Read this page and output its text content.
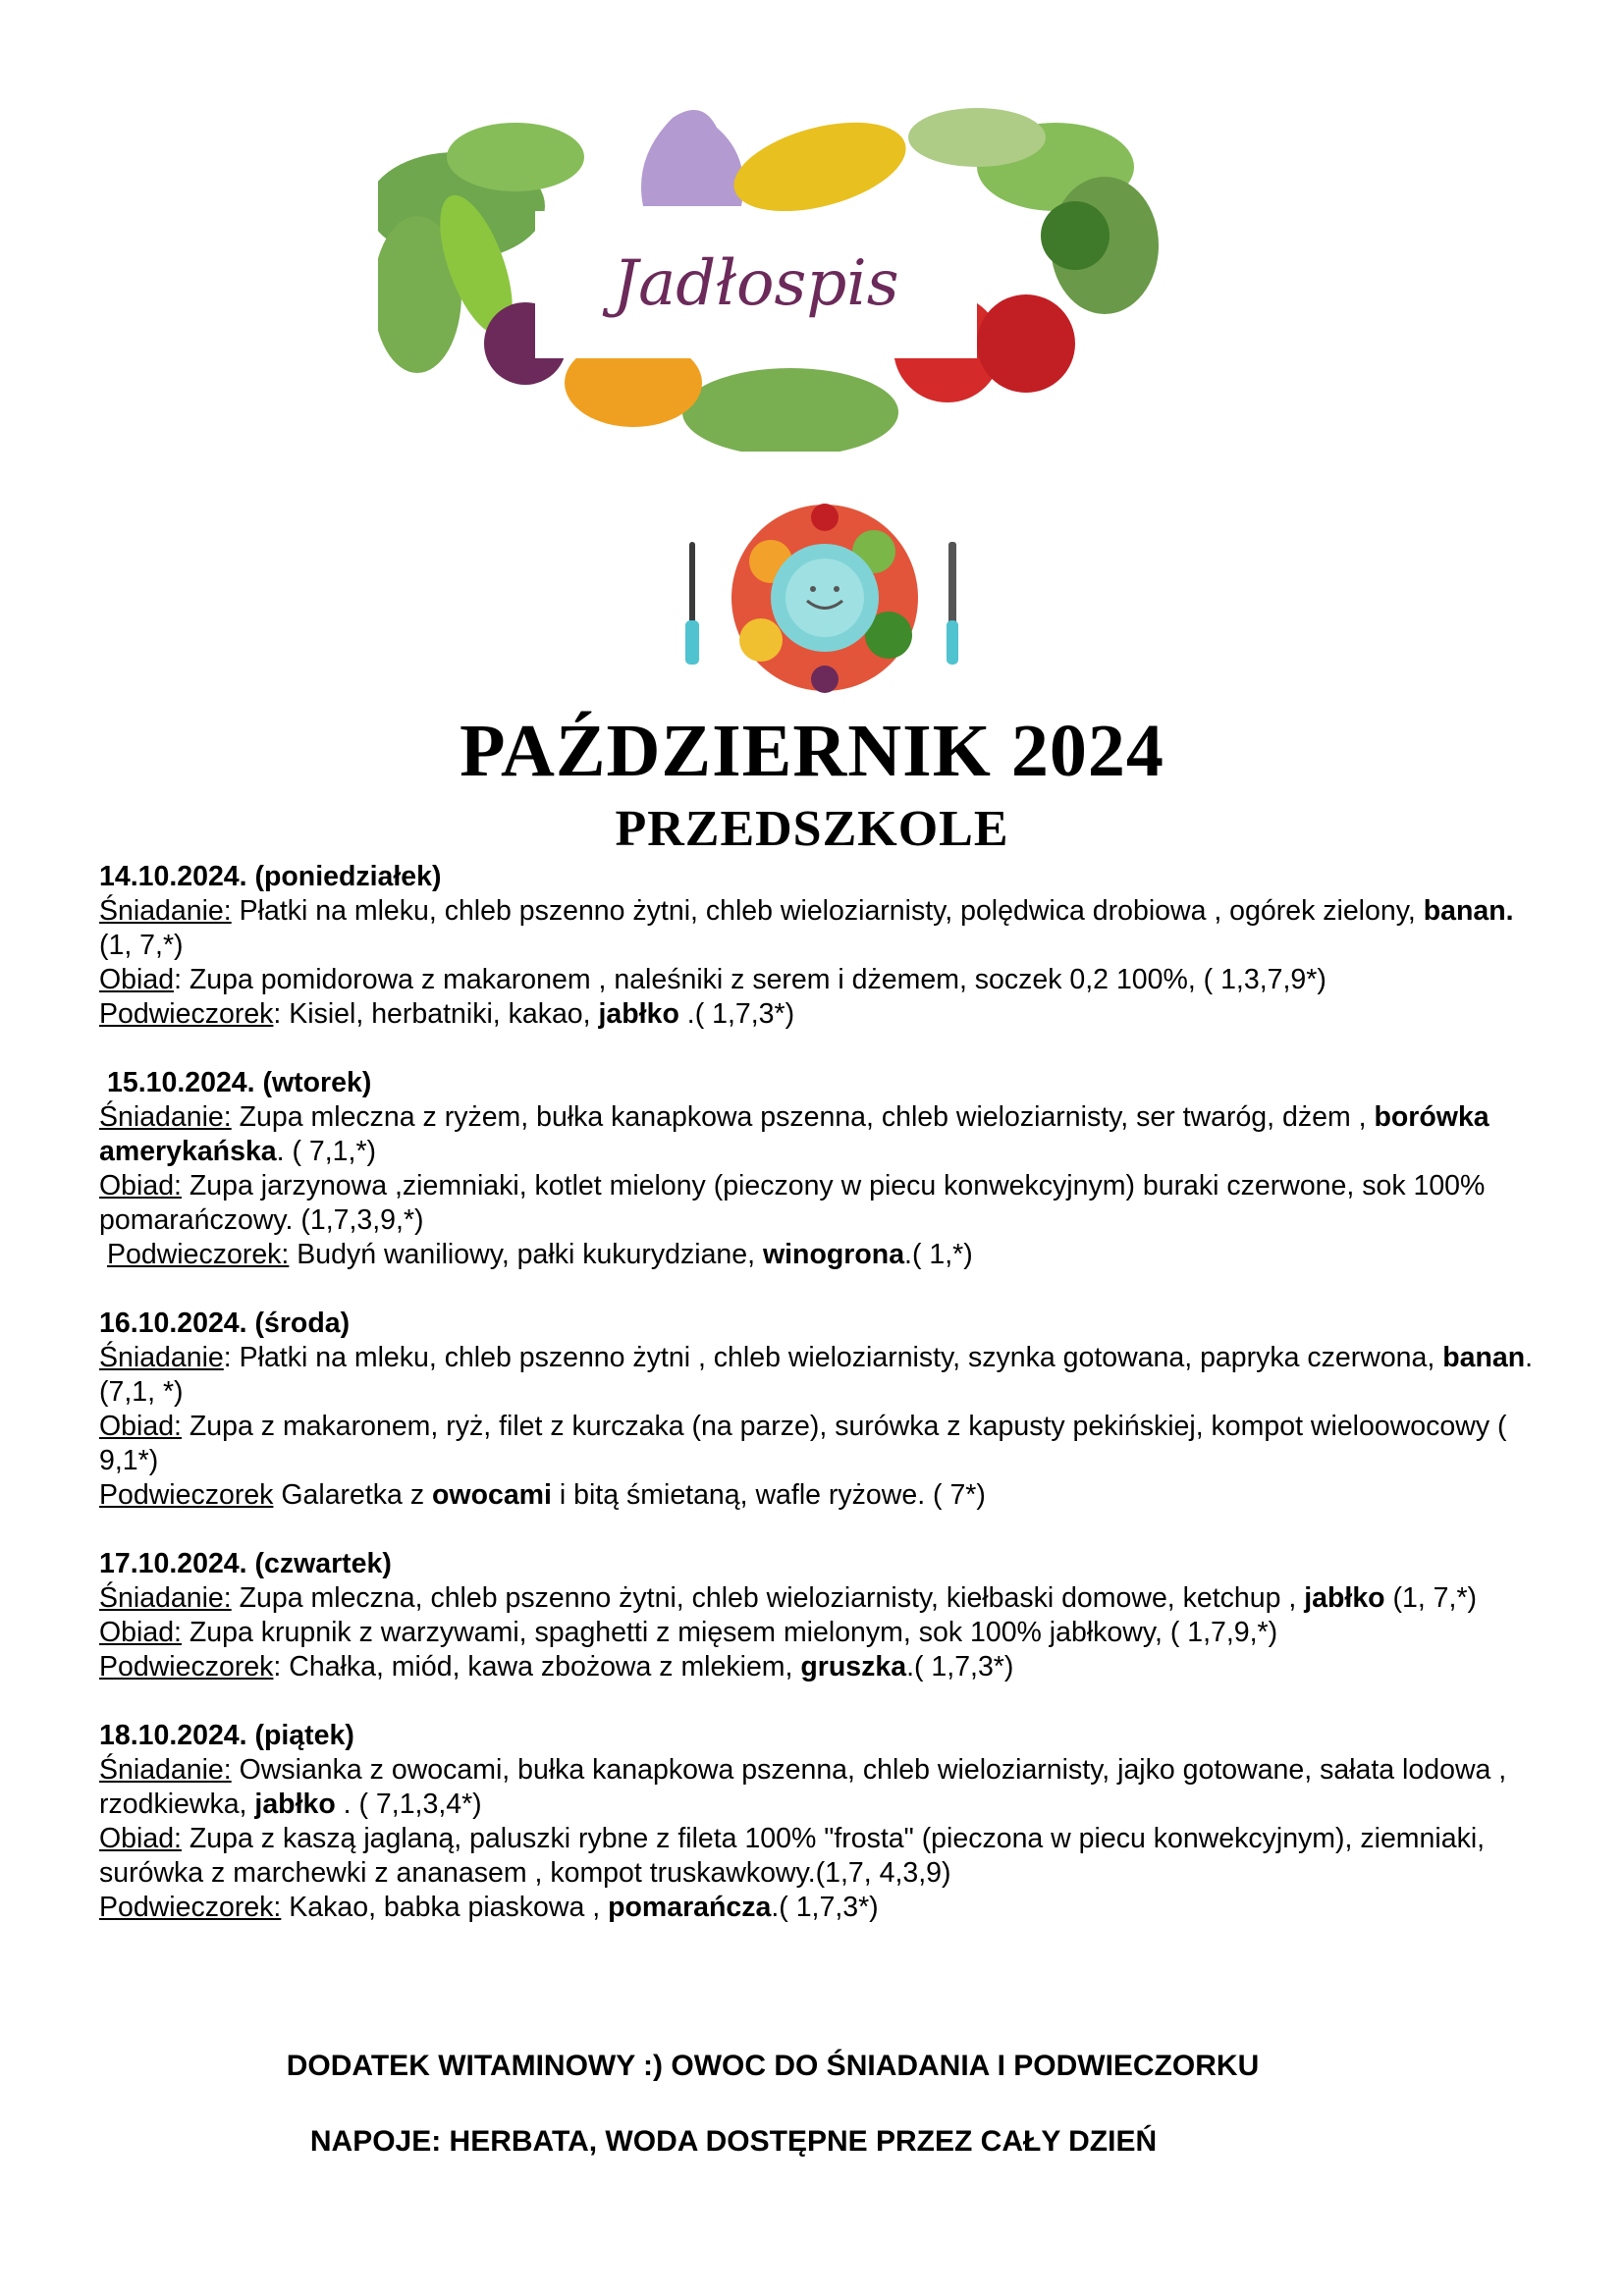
Jadłospis
PAŹDZIERNIK 2024
PRZEDSZKOLE
14.10.2024. (poniedziałek)

Śniadanie: Płatki na mleku, chleb pszenno żytni, chleb wieloziarnisty, polędwica drobiowa , ogórek zielony, banan. (1, 7,*)

Obiad: Zupa pomidorowa z makaronem , naleśniki z serem i dżemem, soczek 0,2 100%, ( 1,3,7,9*)

Podwieczorek: Kisiel, herbatniki, kakao, jabłko .( 1,7,3*)

15.10.2024. (wtorek)

Śniadanie: Zupa mleczna z ryżem, bułka kanapkowa pszenna, chleb wieloziarnisty, ser twaróg, dżem , borówka amerykańska. ( 7,1,*)

Obiad: Zupa jarzynowa ,ziemniaki, kotlet mielony (pieczony w piecu konwekcyjnym) buraki czerwone, sok 100% pomarańczowy. (1,7,3,9,*)

Podwieczorek: Budyń waniliowy, pałki kukurydziane, winogrona.( 1,*)

16.10.2024. (środa)

Śniadanie: Płatki na mleku, chleb pszenno żytni , chleb wieloziarnisty, szynka gotowana, papryka czerwona, banan.(7,1, *)

Obiad: Zupa z makaronem, ryż, filet z kurczaka (na parze), surówka z kapusty pekińskiej, kompot wieloowocowy ( 9,1*)

Podwieczorek Galaretka z owocami i bitą śmietaną, wafle ryżowe. ( 7*)

17.10.2024. (czwartek)

Śniadanie: Zupa mleczna, chleb pszenno żytni, chleb wieloziarnisty, kiełbaski domowe, ketchup , jabłko (1, 7,*)

Obiad: Zupa krupnik z warzywami, spaghetti z mięsem mielonym, sok 100% jabłkowy, ( 1,7,9,*)

Podwieczorek: Chałka, miód, kawa zbożowa z mlekiem, gruszka.( 1,7,3*)

18.10.2024. (piątek)

Śniadanie: Owsianka z owocami, bułka kanapkowa pszenna, chleb wieloziarnisty, jajko gotowane, sałata lodowa , rzodkiewka, jabłko . ( 7,1,3,4*)

Obiad: Zupa z kaszą jaglaną, paluszki rybne z fileta 100% "frosta" (pieczona w piecu konwekcyjnym), ziemniaki, surówka z marchewki z ananasem , kompot truskawkowy.(1,7, 4,3,9)

Podwieczorek: Kakao, babka piaskowa , pomarańcza.( 1,7,3*)

DODATEK WITAMINOWY :) OWOC DO ŚNIADANIA I PODWIECZORKU
NAPOJE: HERBATA, WODA DOSTĘPNE PRZEZ CAŁY DZIEŃ
